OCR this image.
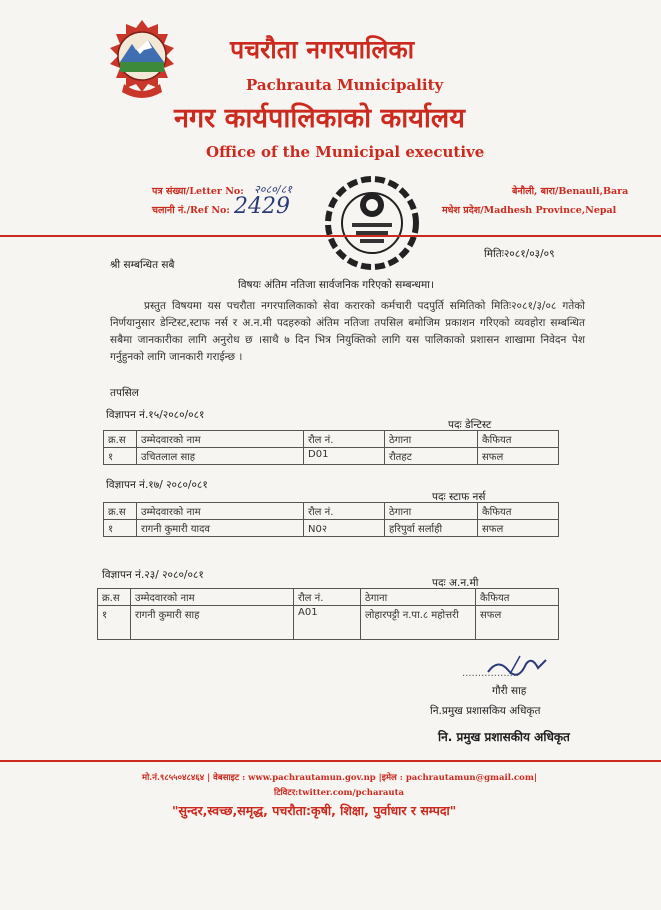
पचरौता नगरपालिका
Pachrauta Municipality
नगर कार्यपालिकाको कार्यालय
Office of the Municipal executive
पत्र संख्या/Letter No: २०८०/८१
चलानी नं./Ref No: 2429
बेनौली, बारा/Benauli,Bara
मधेश प्रदेश/Madhesh Province,Nepal
श्री सम्बन्धित सबै
मितिः२०८१/०३/०९
विषयः अंतिम नतिजा सार्वजनिक गरिएको सम्बन्धमा।
प्रस्तुत विषयमा यस पचरौता नगरपालिकाको सेवा करारको कर्मचारी पदपुर्ति समितिको मितिः२०८१/३/०८ गतेको निर्णयानुसार डेन्टिस्ट,स्टाफ नर्स र अ.न.मी पदहरुको अंतिम नतिजा तपसिल बमोजिम प्रकाशन गरिएको व्यवहोरा सम्बन्धित सबैमा जानकारीका लागि अनुरोध छ ।साथै ७ दिन भित्र नियुक्तिको लागि यस पालिकाको प्रशासन शाखामा निवेदन पेश गर्नुहुनको लागि जानकारी गराईन्छ ।
तपसिल
विज्ञापन नं.१५/२०८०/०८१
पदः डेन्टिस्ट
क्र.स	उम्मेदवारको नाम	रौल नं.	ठेगाना	कैफियत
१	उचितलाल साह	D01	रौतहट	सफल
विज्ञापन नं.१७/ २०८०/०८१
पदः स्टाफ नर्स
क्र.स	उम्मेदवारको नाम	रौल नं.	ठेगाना	कैफियत
१	रागनी कुमारी यादव	N0२	हरिपुर्वा सर्लाही	सफल
विज्ञापन नं.२३/ २०८०/०८१
पदः अ.न.मी
क्र.स	उम्मेदवारको नाम	रौल नं.	ठेगाना	कैफियत
१	रागनी कुमारी साह	A01	लोहारपट्टी न.पा.८ महोत्तरी	सफल
..................
गौरी साह
नि.प्रमुख प्रशासकिय अधिकृत
नि. प्रमुख प्रशासकीय अधिकृत
मो.नं.९८५५०४८४६४ | वेबसाइट : www.pachrautamun.gov.np |इमेल : pachrautamun@gmail.com|
टिविटर:twitter.com/pcharauta
"सुन्दर,स्वच्छ,समृद्ध, पचरौता:कृषी, शिक्षा, पुर्वाधार र सम्पदा"
